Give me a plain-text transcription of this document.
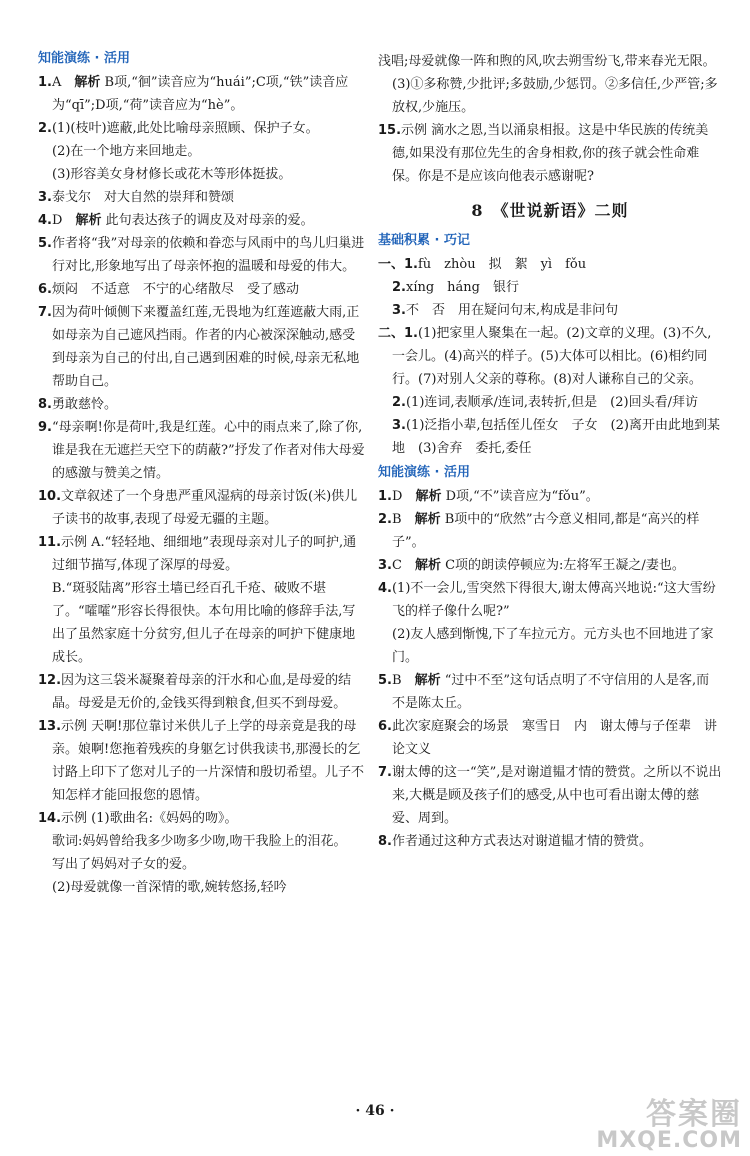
知能演练 · 活用

1.A　 解析 B项,“徊”读音应为“huái”;C项,“铁”读音应为“qī”;D项,“荷”读音应为“hè”。

2.(1)(枝叶)遮蔽,此处比喻母亲照顾、保护子女。

(2)在一个地方来回地走。

(3)形容美女身材修长或花木等形体挺拔。

3.泰戈尔　对大自然的崇拜和赞颂

4.D　 解析 此句表达孩子的调皮及对母亲的爱。

5.作者将“我”对母亲的依赖和眷恋与风雨中的鸟儿归巢进行对比,形象地写出了母亲怀抱的温暖和母爱的伟大。

6.烦闷　不适意　不宁的心绪散尽　受了感动

7.因为荷叶倾侧下来覆盖红莲,无畏地为红莲遮蔽大雨,正如母亲为自己遮风挡雨。作者的内心被深深触动,感受到母亲为自己的付出,自己遇到困难的时候,母亲无私地帮助自己。

8.勇敢慈怜。

9.“母亲啊!你是荷叶,我是红莲。心中的雨点来了,除了你,谁是我在无遮拦天空下的荫蔽?”抒发了作者对伟大母爱的感激与赞美之情。

10.文章叙述了一个身患严重风湿病的母亲讨饭(米)供儿子读书的故事,表现了母爱无疆的主题。

11.示例 A.“轻轻地、细细地”表现母亲对儿子的呵护,通过细节描写,体现了深厚的母爱。

B.“斑驳陆离”形容土墙已经百孔千疮、破败不堪了。“嚯嚯”形容长得很快。本句用比喻的修辞手法,写出了虽然家庭十分贫穷,但儿子在母亲的呵护下健康地成长。

12.因为这三袋米凝聚着母亲的汗水和心血,是母爱的结晶。母爱是无价的,金钱买得到粮食,但买不到母爱。

13.示例 天啊!那位靠讨米供儿子上学的母亲竟是我的母亲。娘啊!您拖着残疾的身躯乞讨供我读书,那漫长的乞讨路上印下了您对儿子的一片深情和殷切希望。儿子不知怎样才能回报您的恩情。

14.示例 (1)歌曲名:《妈妈的吻》。

歌词:妈妈曾给我多少吻多少吻,吻干我脸上的泪花。

写出了妈妈对子女的爱。

(2)母爱就像一首深情的歌,婉转悠扬,轻吟

浅唱;母爱就像一阵和煦的风,吹去朔雪纷飞,带来春光无限。

(3)①多称赞,少批评;多鼓励,少惩罚。②多信任,少严管;多放权,少施压。

15.示例 滴水之恩,当以涌泉相报。这是中华民族的传统美德,如果没有那位先生的舍身相救,你的孩子就会性命难保。你是不是应该向他表示感谢呢?

8　《世说新语》二则
基础积累 · 巧记

一、1.fù　zhòu　拟　絮　yì　fǒu

2.xíng　háng　银行

3.不　否　用在疑问句末,构成是非问句

二、1.(1)把家里人聚集在一起。(2)文章的义理。(3)不久,一会儿。(4)高兴的样子。(5)大体可以相比。(6)相约同行。(7)对别人父亲的尊称。(8)对人谦称自己的父亲。

2.(1)连词,表顺承/连词,表转折,但是　(2)回头看/拜访

3.(1)泛指小辈,包括侄儿侄女　子女　(2)离开由此地到某地　(3)舍弃　委托,委任

知能演练 · 活用

1.D　 解析 D项,“不”读音应为“fǒu”。

2.B　 解析 B项中的“欣然”古今意义相同,都是“高兴的样子”。

3.C　 解析 C项的朗读停顿应为:左将军王凝之/妻也。

4.(1)不一会儿,雪突然下得很大,谢太傅高兴地说:“这大雪纷飞的样子像什么呢?”

(2)友人感到惭愧,下了车拉元方。元方头也不回地进了家门。

5.B　 解析 “过中不至”这句话点明了不守信用的人是客,而不是陈太丘。

6.此次家庭聚会的场景　寒雪日　内　谢太傅与子侄辈　讲论文义

7.谢太傅的这一“笑”,是对谢道韫才情的赞赏。之所以不说出来,大概是顾及孩子们的感受,从中也可看出谢太傅的慈爱、周到。

8.作者通过这种方式表达对谢道韫才情的赞赏。

· 46 ·	答案圈
MXQE.COM
